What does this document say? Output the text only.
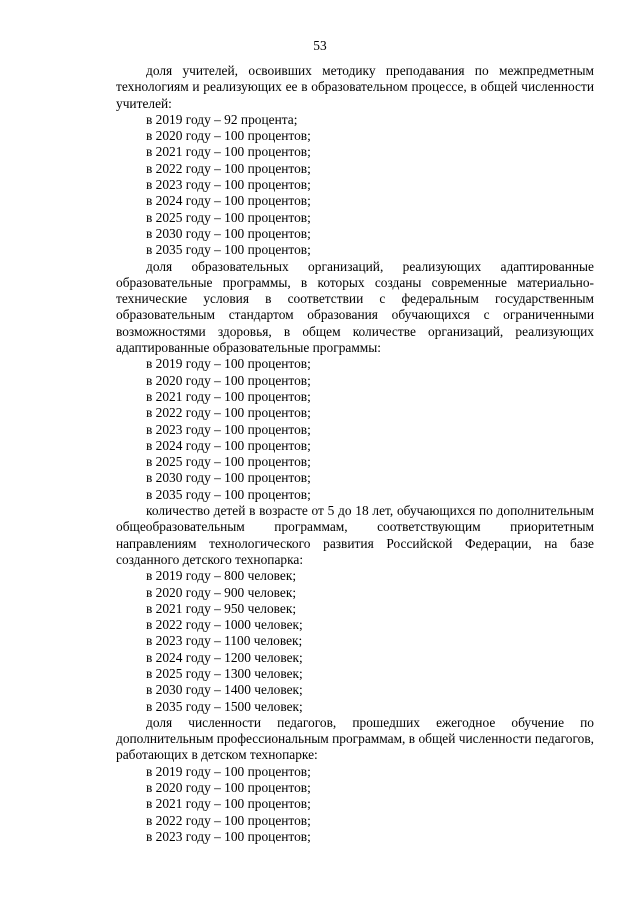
53

доля учителей, освоивших методику преподавания по межпредметным технологиям и реализующих ее в образовательном процессе, в общей численности учителей:

в 2019 году – 92 процента;

в 2020 году – 100 процентов;

в 2021 году – 100 процентов;

в 2022 году – 100 процентов;

в 2023 году – 100 процентов;

в 2024 году – 100 процентов;

в 2025 году – 100 процентов;

в 2030 году – 100 процентов;

в 2035 году – 100 процентов;

доля образовательных организаций, реализующих адаптированные образовательные программы, в которых созданы современные материально-технические условия в соответствии с федеральным государственным образовательным стандартом образования обучающихся с ограниченными возможностями здоровья, в общем количестве организаций, реализующих адаптированные образовательные программы:

в 2019 году – 100 процентов;

в 2020 году – 100 процентов;

в 2021 году – 100 процентов;

в 2022 году – 100 процентов;

в 2023 году – 100 процентов;

в 2024 году – 100 процентов;

в 2025 году – 100 процентов;

в 2030 году – 100 процентов;

в 2035 году – 100 процентов;

количество детей в возрасте от 5 до 18 лет, обучающихся по дополнительным общеобразовательным программам, соответствующим приоритетным направлениям технологического развития Российской Федерации, на базе созданного детского технопарка:

в 2019 году – 800 человек;

в 2020 году – 900 человек;

в 2021 году – 950 человек;

в 2022 году – 1000 человек;

в 2023 году – 1100 человек;

в 2024 году – 1200 человек;

в 2025 году – 1300 человек;

в 2030 году – 1400 человек;

в 2035 году – 1500 человек;

доля численности педагогов, прошедших ежегодное обучение по дополнительным профессиональным программам, в общей численности педагогов, работающих в детском технопарке:

в 2019 году – 100 процентов;

в 2020 году – 100 процентов;

в 2021 году – 100 процентов;

в 2022 году – 100 процентов;

в 2023 году – 100 процентов;
